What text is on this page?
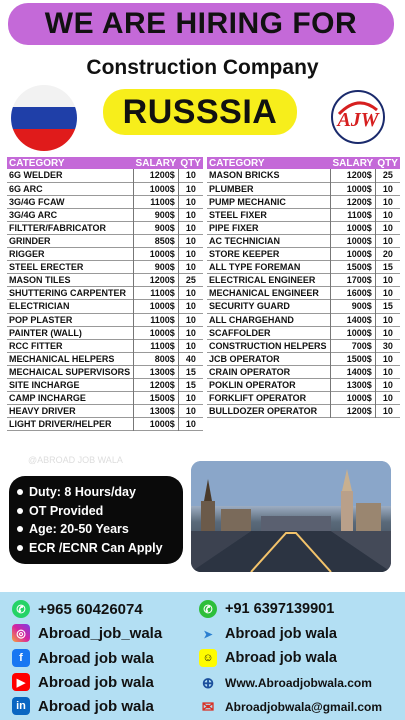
WE ARE HIRING FOR
Construction Company
RUSSSIA	AJW
CATEGORY	SALARY	QTY
6G WELDER	1200$	10
6G ARC	1000$	10
3G/4G FCAW	1100$	10
3G/4G ARC	900$	10
FILTTER/FABRICATOR	900$	10
GRINDER	850$	10
RIGGER	1000$	10
STEEL ERECTER	900$	10
MASON TILES	1200$	25
SHUTTERING CARPENTER	1100$	10
ELECTRICIAN	1000$	10
POP PLASTER	1100$	10
PAINTER (WALL)	1000$	10
RCC FITTER	1100$	10
MECHANICAL HELPERS	800$	40
MECHAICAL SUPERVISORS	1300$	15
SITE INCHARGE	1200$	15
CAMP INCHARGE	1500$	10
HEAVY DRIVER	1300$	10
LIGHT DRIVER/HELPER	1000$	10
CATEGORY	SALARY	QTY
MASON BRICKS	1200$	25
PLUMBER	1000$	10
PUMP MECHANIC	1200$	10
STEEL FIXER	1100$	10
PIPE FIXER	1000$	10
AC TECHNICIAN	1000$	10
STORE KEEPER	1000$	20
ALL TYPE FOREMAN	1500$	15
ELECTRICAL ENGINEER	1700$	10
MECHANICAL ENGINEER	1600$	10
SECURITY GUARD	900$	15
ALL CHARGEHAND	1400$	10
SCAFFOLDER	1000$	10
CONSTRUCTION HELPERS	700$	30
JCB OPERATOR	1500$	10
CRAIN OPERATOR	1400$	10
POKLIN OPERATOR	1300$	10
FORKLIFT OPERATOR	1000$	10
BULLDOZER OPERATOR	1200$	10
@ABROAD JOB WALA
Duty: 8 Hours/day
OT Provided
Age: 20-50 Years
ECR /ECNR Can Apply
✆ +965 60426074
◎ Abroad_job_wala
f	Abroad job wala
▶ Abroad job wala
in Abroad job wala
✆ +91 6397139901
➤ Abroad job wala
☺ Abroad job wala
⊕ Www.Abroadjobwala.com
✉ Abroadjobwala@gmail.com
